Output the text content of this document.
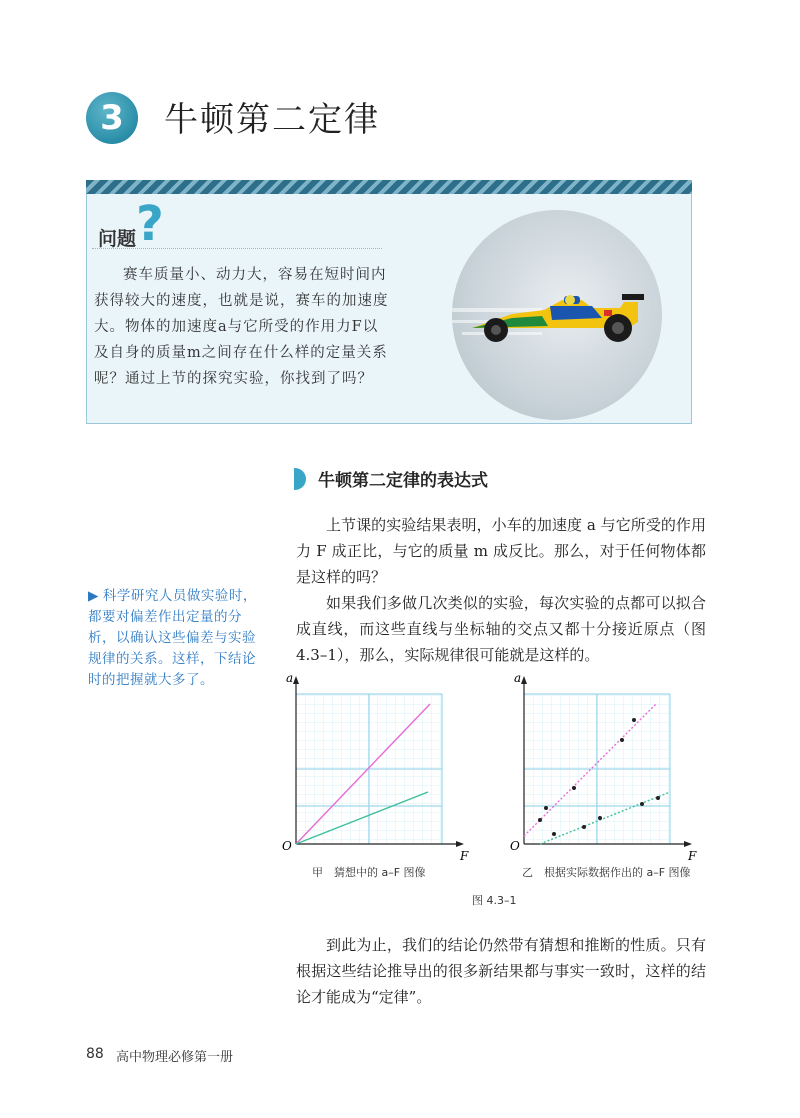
3	牛顿第二定律
问题 ?
赛车质量小、动力大，容易在短时间内获得较大的速度，也就是说，赛车的加速度大。物体的加速度a与它所受的作用力F以及自身的质量m之间存在什么样的定量关系呢？通过上节的探究实验，你找到了吗？
牛顿第二定律的表达式
上节课的实验结果表明，小车的加速度 a 与它所受的作用力 F 成正比，与它的质量 m 成反比。那么，对于任何物体都是这样的吗？
如果我们多做几次类似的实验，每次实验的点都可以拟合成直线，而这些直线与坐标轴的交点又都十分接近原点（图 4.3–1），那么，实际规律很可能就是这样的。
▶ 科学研究人员做实验时，都要对偏差作出定量的分析，以确认这些偏差与实验规律的关系。这样，下结论时的把握就大多了。	a
F
O
a
F
O
甲　猜想中的 a–F 图像	乙　根据实际数据作出的 a–F 图像
图 4.3–1
到此为止，我们的结论仍然带有猜想和推断的性质。只有根据这些结论推导出的很多新结果都与事实一致时，这样的结论才能成为“定律”。
88 高中物理必修第一册
